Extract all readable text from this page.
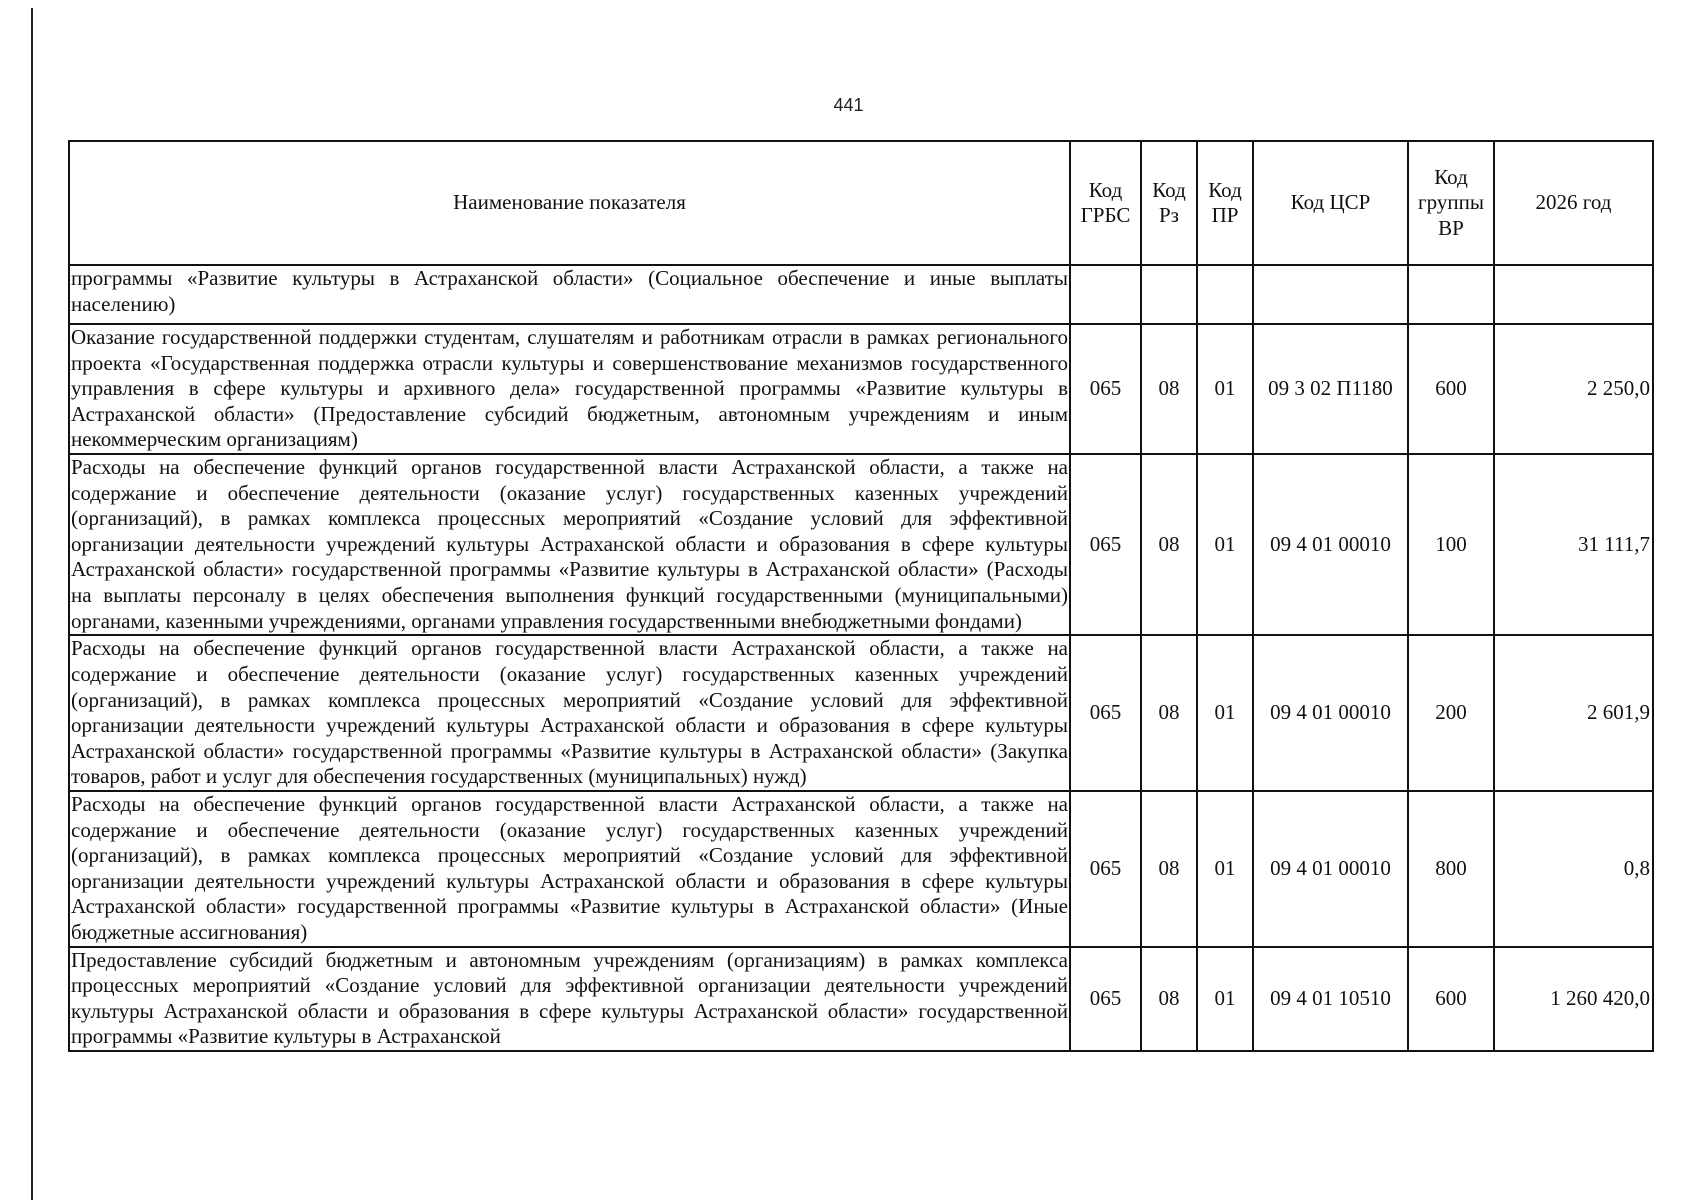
441
Наименование показателя	Код ГРБС	Код Рз	Код ПР	Код ЦСР	Код группы ВР	2026 год
программы «Развитие культуры в Астраханской области» (Социальное обеспечение и иные выплаты населению)						
Оказание государственной поддержки студентам, слушателям и работникам отрасли в рамках регионального проекта «Государственная поддержка отрасли культуры и совершенствование механизмов государственного управления в сфере культуры и архивного дела» государственной программы «Развитие культуры в Астраханской области» (Предоставление субсидий бюджетным, автономным учреждениям и иным некоммерческим организациям)	065	08	01	09 3 02 П1180	600	2 250,0
Расходы на обеспечение функций органов государственной власти Астраханской области, а также на содержание и обеспечение деятельности (оказание услуг) государственных казенных учреждений (организаций), в рамках комплекса процессных мероприятий «Создание условий для эффективной организации деятельности учреждений культуры Астраханской области и образования в сфере культуры Астраханской области» государственной программы «Развитие культуры в Астраханской области» (Расходы на выплаты персоналу в целях обеспечения выполнения функций государственными (муниципальными) органами, казенными учреждениями, органами управления государственными внебюджетными фондами)	065	08	01	09 4 01 00010	100	31 111,7
Расходы на обеспечение функций органов государственной власти Астраханской области, а также на содержание и обеспечение деятельности (оказание услуг) государственных казенных учреждений (организаций), в рамках комплекса процессных мероприятий «Создание условий для эффективной организации деятельности учреждений культуры Астраханской области и образования в сфере культуры Астраханской области» государственной программы «Развитие культуры в Астраханской области» (Закупка товаров, работ и услуг для обеспечения государственных (муниципальных) нужд)	065	08	01	09 4 01 00010	200	2 601,9
Расходы на обеспечение функций органов государственной власти Астраханской области, а также на содержание и обеспечение деятельности (оказание услуг) государственных казенных учреждений (организаций), в рамках комплекса процессных мероприятий «Создание условий для эффективной организации деятельности учреждений культуры Астраханской области и образования в сфере культуры Астраханской области» государственной программы «Развитие культуры в Астраханской области» (Иные бюджетные ассигнования)	065	08	01	09 4 01 00010	800	0,8
Предоставление субсидий бюджетным и автономным учреждениям (организациям) в рамках комплекса процессных мероприятий «Создание условий для эффективной организации деятельности учреждений культуры Астраханской области и образования в сфере культуры Астраханской области» государственной программы «Развитие культуры в Астраханской	065	08	01	09 4 01 10510	600	1 260 420,0
